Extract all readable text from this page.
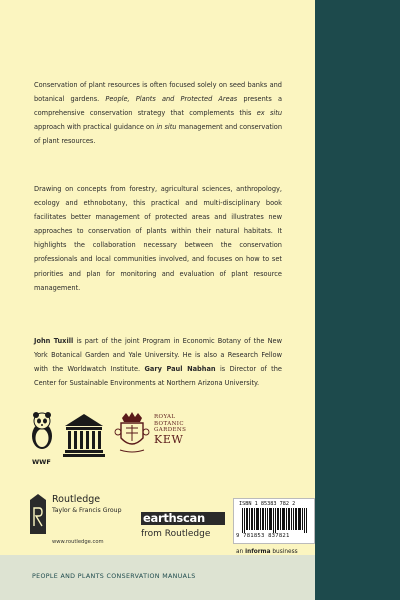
PEOPLE AND PLANTS CONSERVATION MANUALS

Conservation of plant resources is often focused solely on seed banks and botanical gardens. People, Plants and Protected Areas presents a comprehensive conservation strategy that complements this ex situ approach with practical guidance on in situ management and conservation of plant resources.

Drawing on concepts from forestry, agricultural sciences, anthropology, ecology and ethnobotany, this practical and multi-disciplinary book facilitates better management of protected areas and illustrates new approaches to conservation of plants within their natural habitats. It highlights the collaboration necessary between the conservation professionals and local communities involved, and focuses on how to set priorities and plan for monitoring and evaluation of plant resource management.

John Tuxill is part of the joint Program in Economic Botany of the New York Botanical Garden and Yale University. He is also a Research Fellow with the Worldwatch Institute. Gary Paul Nabhan is Director of the Center for Sustainable Environments at Northern Arizona University.

WWF
ROYAL
BOTANIC
GARDENS
KEW
Routledge
Taylor & Francis Group
www.routledge.com
earthscan
from Routledge
ISBN 1 85383 782 2
9 781853 837821
an informa business
